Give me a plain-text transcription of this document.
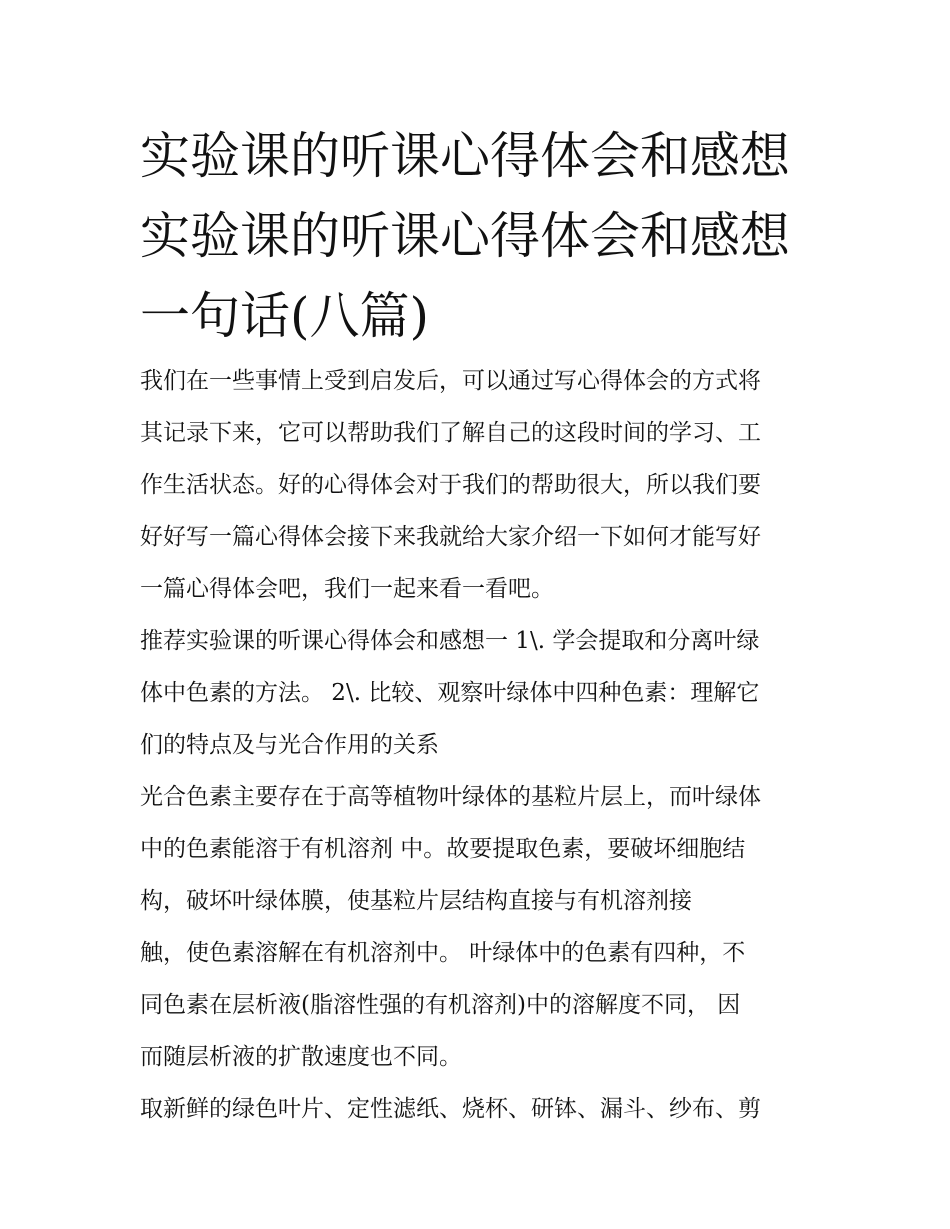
实验课的听课心得体会和感想
实验课的听课心得体会和感想
一句话(八篇)

我们在一些事情上受到启发后，可以通过写心得体会的方式将
其记录下来，它可以帮助我们了解自己的这段时间的学习、工
作生活状态。好的心得体会对于我们的帮助很大，所以我们要
好好写一篇心得体会接下来我就给大家介绍一下如何才能写好
一篇心得体会吧，我们一起来看一看吧。

推荐实验课的听课心得体会和感想一 1\. 学会提取和分离叶绿
体中色素的方法。 2\. 比较、观察叶绿体中四种色素：理解它
们的特点及与光合作用的关系

光合色素主要存在于高等植物叶绿体的基粒片层上，而叶绿体
中的色素能溶于有机溶剂 中。故要提取色素，要破坏细胞结
构，破坏叶绿体膜，使基粒片层结构直接与有机溶剂接
触，使色素溶解在有机溶剂中。 叶绿体中的色素有四种，不
同色素在层析液(脂溶性强的有机溶剂)中的溶解度不同， 因
而随层析液的扩散速度也不同。

取新鲜的绿色叶片、定性滤纸、烧杯、研钵、漏斗、纱布、剪
